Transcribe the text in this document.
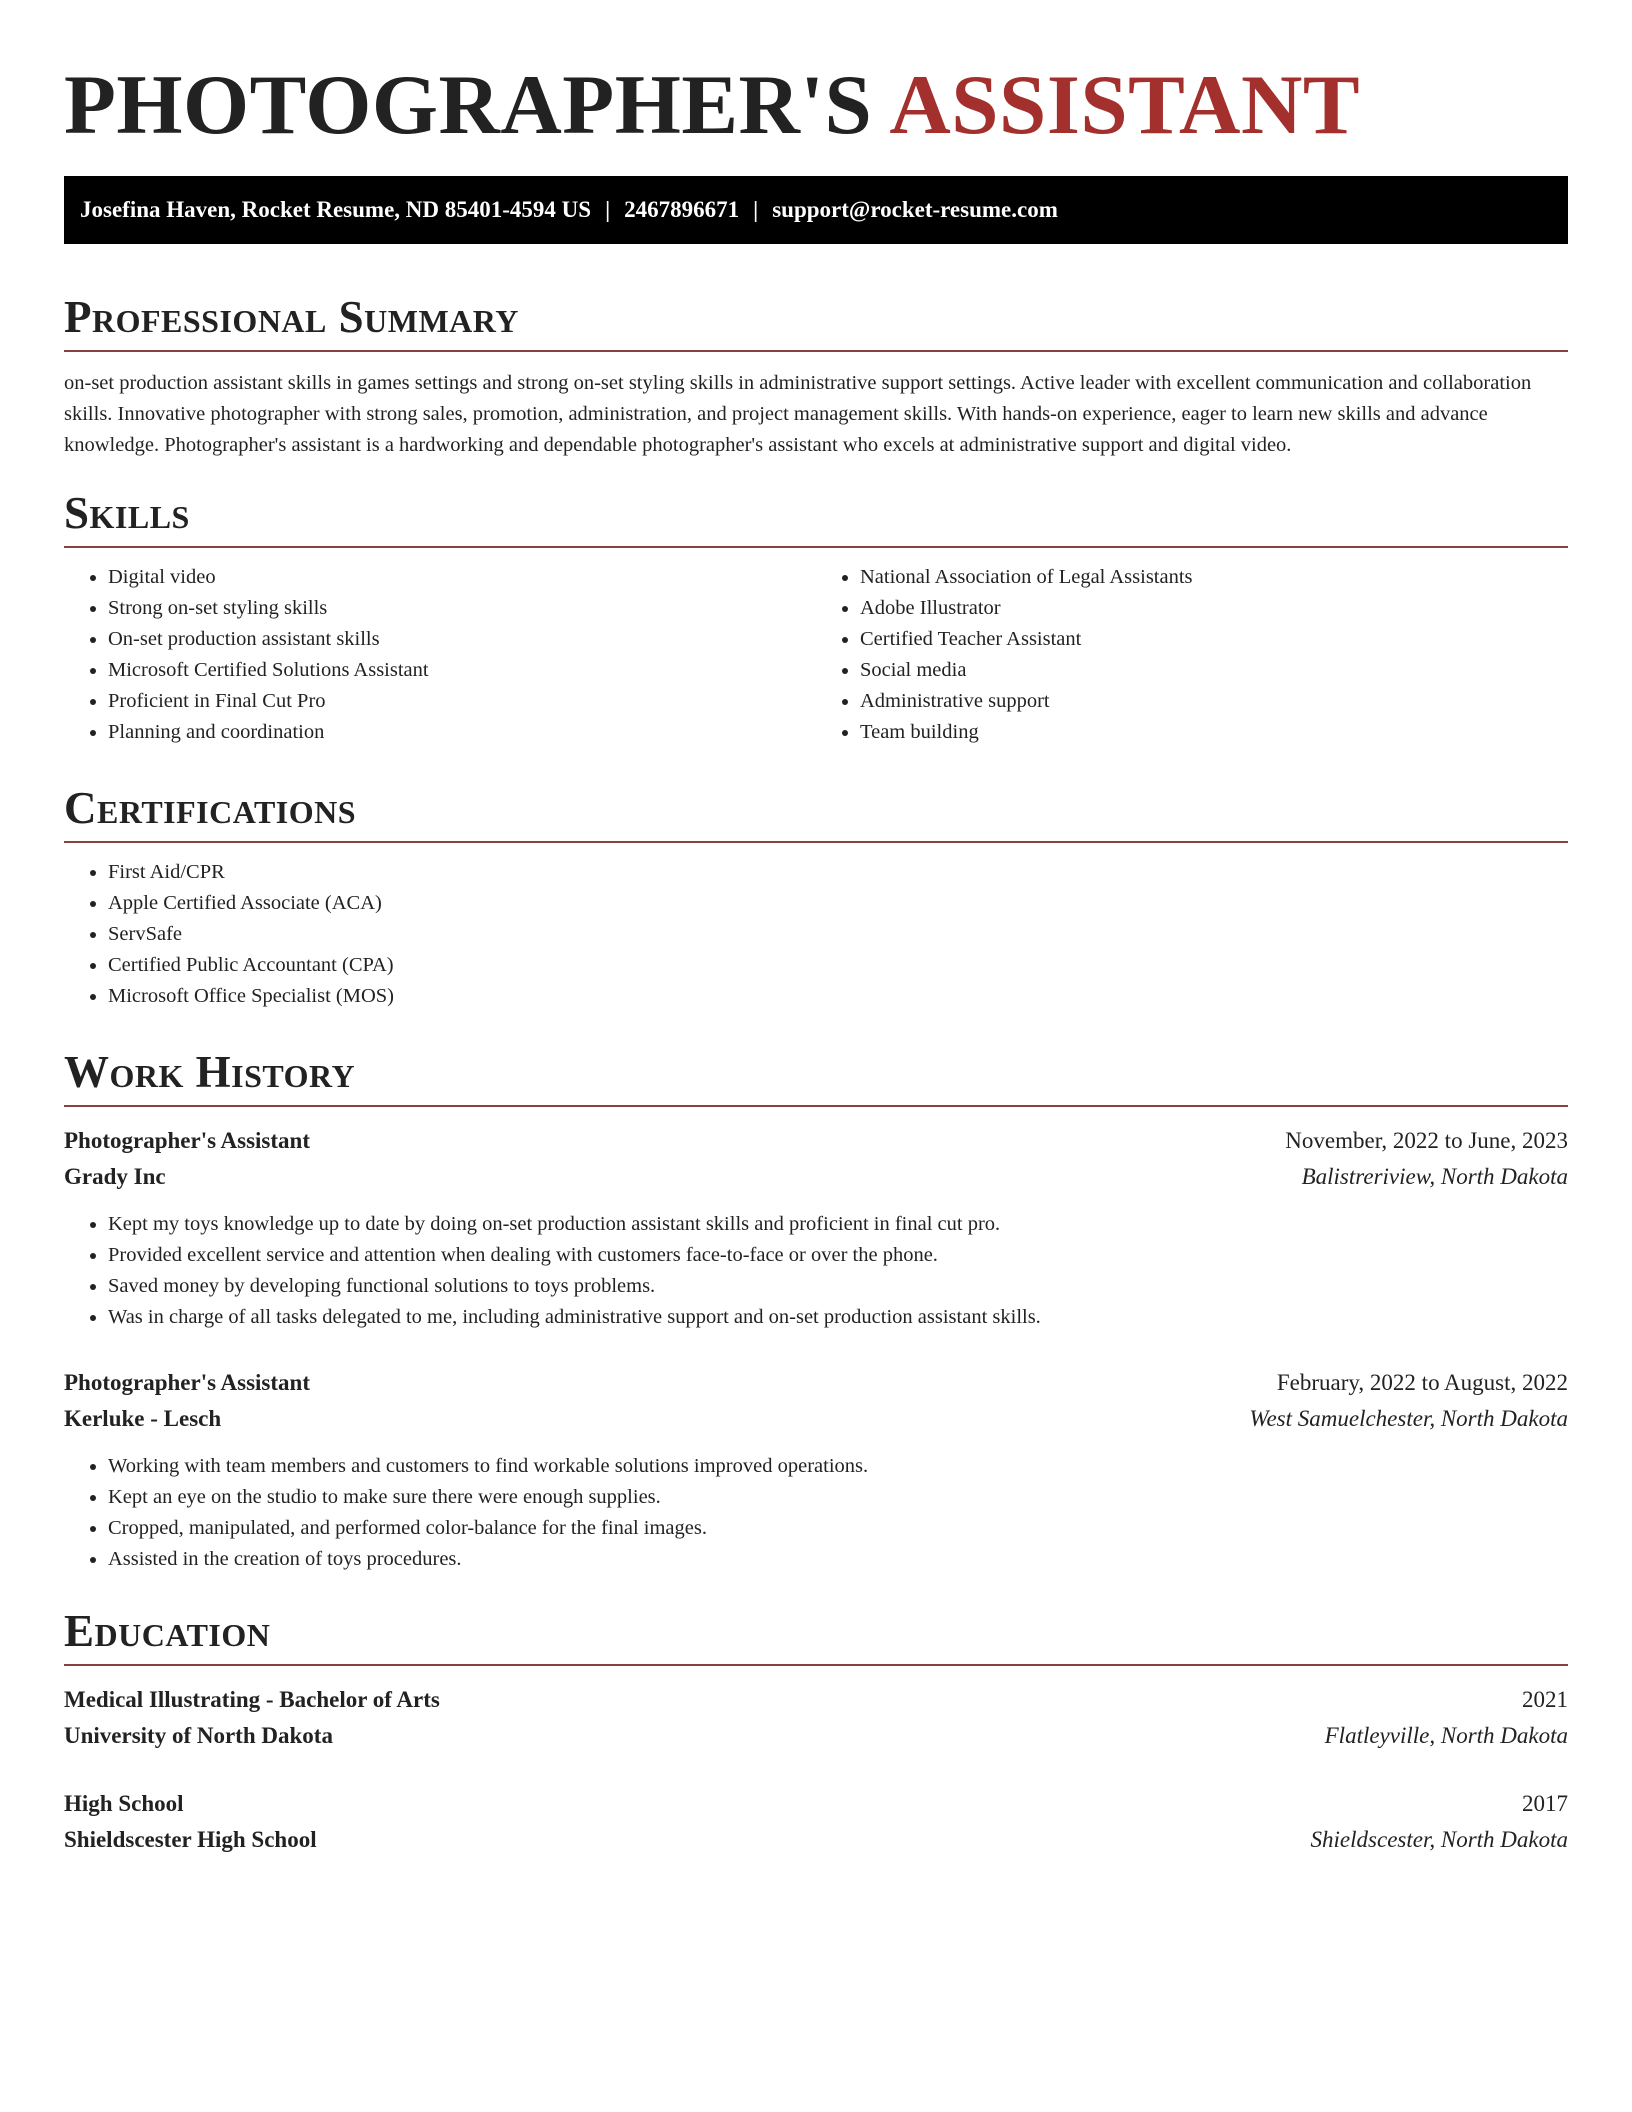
PHOTOGRAPHER'S ASSISTANT
Josefina Haven, Rocket Resume, ND 85401-4594 US | 2467896671 | support@rocket-resume.com
Professional Summary

on-set production assistant skills in games settings and strong on-set styling skills in administrative support settings. Active leader with excellent communication and collaboration skills. Innovative photographer with strong sales, promotion, administration, and project management skills. With hands-on experience, eager to learn new skills and advance knowledge. Photographer's assistant is a hardworking and dependable photographer's assistant who excels at administrative support and digital video.

Skills
• Digital video
• Strong on-set styling skills
• On-set production assistant skills
• Microsoft Certified Solutions Assistant
• Proficient in Final Cut Pro
• Planning and coordination
• National Association of Legal Assistants
• Adobe Illustrator
• Certified Teacher Assistant
• Social media
• Administrative support
• Team building
Certifications
• First Aid/CPR
• Apple Certified Associate (ACA)
• ServSafe
• Certified Public Accountant (CPA)
• Microsoft Office Specialist (MOS)
Work History
Photographer's Assistant	November, 2022 to June, 2023
Grady Inc	Balistreriview, North Dakota
• Kept my toys knowledge up to date by doing on-set production assistant skills and proficient in final cut pro.
• Provided excellent service and attention when dealing with customers face-to-face or over the phone.
• Saved money by developing functional solutions to toys problems.
• Was in charge of all tasks delegated to me, including administrative support and on-set production assistant skills.
Photographer's Assistant	February, 2022 to August, 2022
Kerluke - Lesch	West Samuelchester, North Dakota
• Working with team members and customers to find workable solutions improved operations.
• Kept an eye on the studio to make sure there were enough supplies.
• Cropped, manipulated, and performed color-balance for the final images.
• Assisted in the creation of toys procedures.
Education
Medical Illustrating - Bachelor of Arts	2021
University of North Dakota	Flatleyville, North Dakota
High School	2017
Shieldscester High School	Shieldscester, North Dakota
